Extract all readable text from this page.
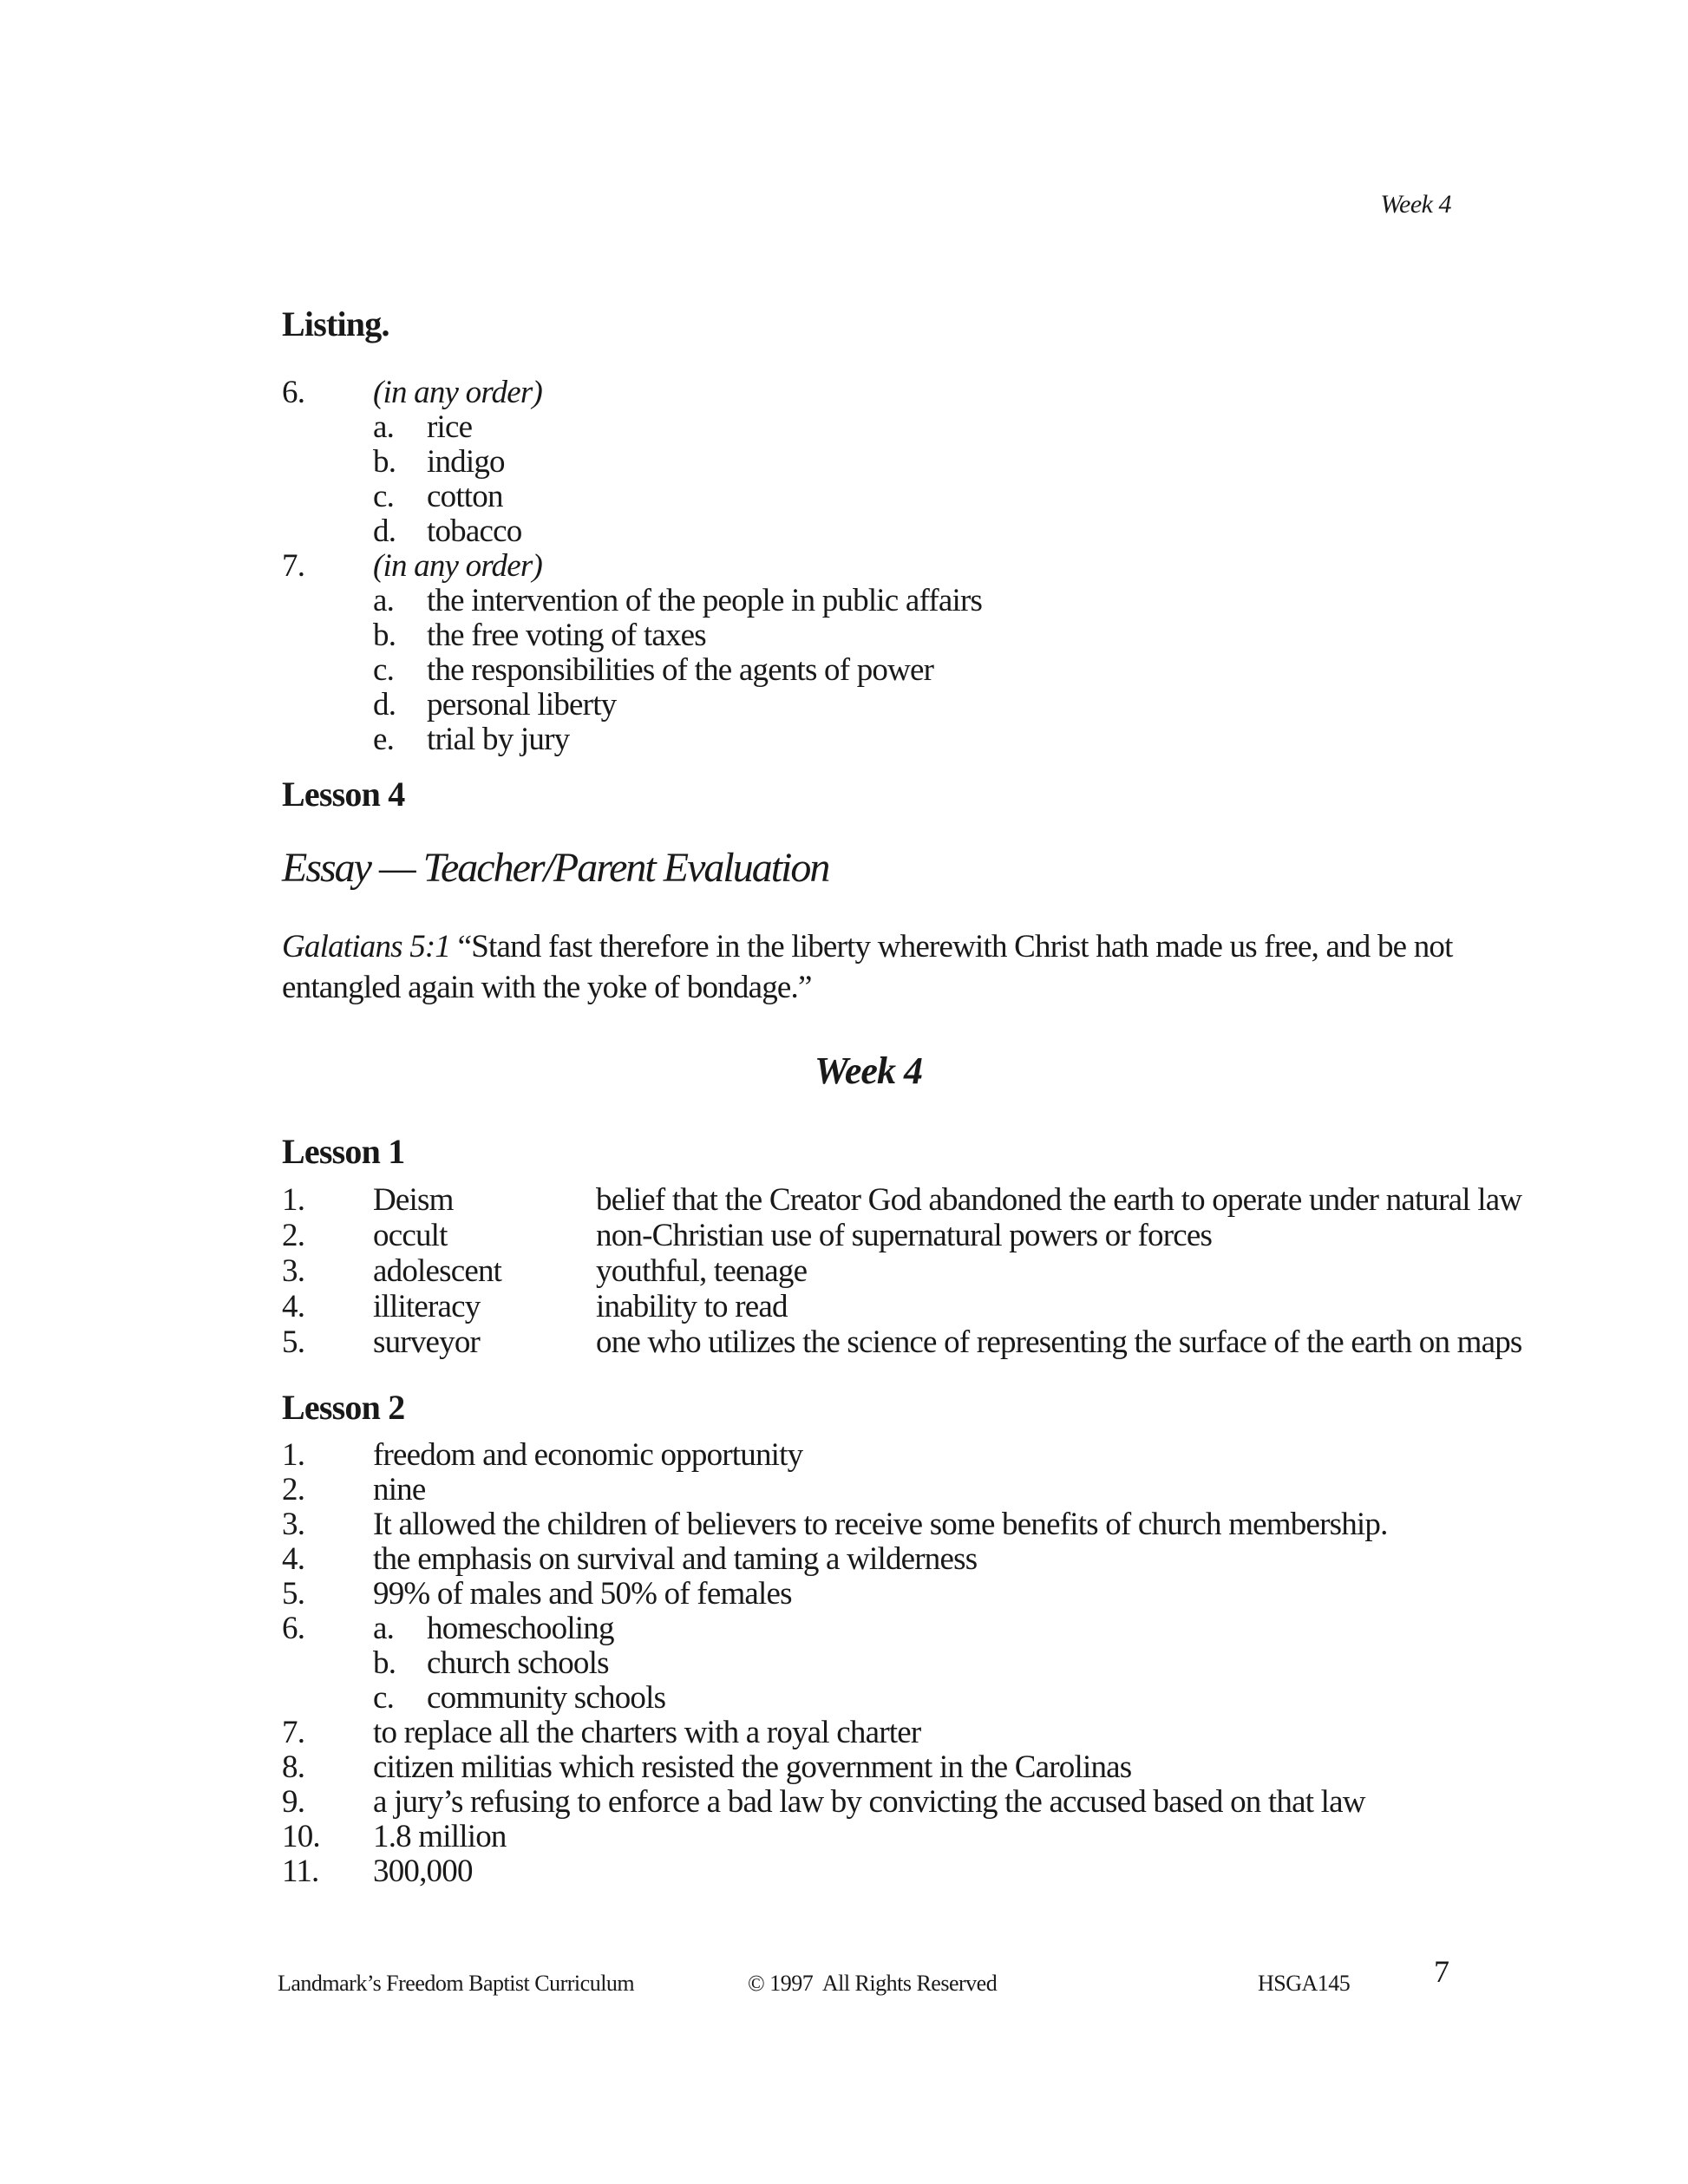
Week 4
Listing.
6.	(in any order)
a.	rice
b. indigo
c.	cotton
d. tobacco
7.	(in any order)
a.	the intervention of the people in public affairs
b. the free voting of taxes
c.	the responsibilities of the agents of power
d. personal liberty
e.	trial by jury
Lesson 4
Essay — Teacher/Parent Evaluation
Galatians 5:1 “Stand fast therefore in the liberty wherewith Christ hath made us free, and be not
entangled again with the yoke of bondage.”
Week 4
Lesson 1
1.	Deism	belief that the Creator God abandoned the earth to operate under natural law
2.	occult	non-Christian use of supernatural powers or forces
3.	adolescent	youthful, teenage
4.	illiteracy	inability to read
5.	surveyor	one who utilizes the science of representing the surface of the earth on maps
Lesson 2
1.	freedom and economic opportunity
2.	nine
3.	It allowed the children of believers to receive some benefits of church membership.
4.	the emphasis on survival and taming a wilderness
5.	99% of males and 50% of females
6.	a.	homeschooling
b. church schools
c.	community schools
7.	to replace all the charters with a royal charter
8.	citizen militias which resisted the government in the Carolinas
9.	a jury’s refusing to enforce a bad law by convicting the accused based on that law
10.	1.8 million
11.	300,000
Landmark’s Freedom Baptist Curriculum	© 1997  All Rights Reserved	HSGA145	7
